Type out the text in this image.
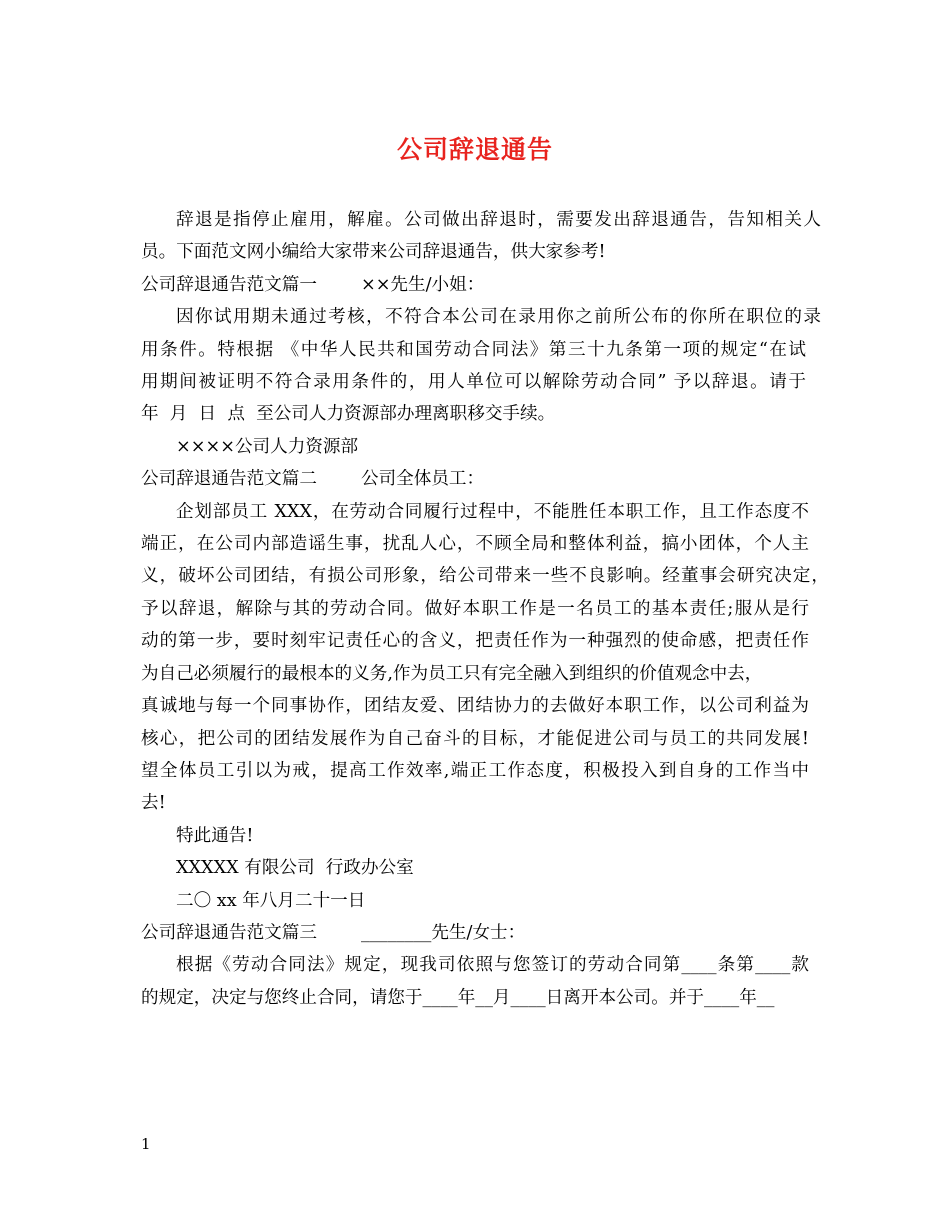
公司辞退通告
辞退是指停止雇用，解雇。公司做出辞退时，需要发出辞退通告，告知相关人
员。下面范文网小编给大家带来公司辞退通告，供大家参考!
公司辞退通告范文篇一	××先生/小姐：
因你试用期未通过考核，不符合本公司在录用你之前所公布的你所在职位的录
用条件。特根据 《中华人民共和国劳动合同法》第三十九条第一项的规定“在试
用期间被证明不符合录用条件的，用人单位可以解除劳动合同” 予以辞退。请于
年  月  日  点  至公司人力资源部办理离职移交手续。
××××公司人力资源部
公司辞退通告范文篇二	公司全体员工：
企划部员工 XXX，在劳动合同履行过程中，不能胜任本职工作，且工作态度不
端正，在公司内部造谣生事，扰乱人心，不顾全局和整体利益，搞小团体，个人主
义，破坏公司团结，有损公司形象，给公司带来一些不良影响。经董事会研究决定，
予以辞退，解除与其的劳动合同。做好本职工作是一名员工的基本责任;服从是行
动的第一步，要时刻牢记责任心的含义，把责任作为一种强烈的使命感，把责任作
为自己必须履行的最根本的义务,作为员工只有完全融入到组织的价值观念中去，
真诚地与每一个同事协作，团结友爱、团结协力的去做好本职工作，以公司利益为
核心，把公司的团结发展作为自己奋斗的目标，才能促进公司与员工的共同发展!
望全体员工引以为戒，提高工作效率,端正工作态度，积极投入到自身的工作当中
去!
特此通告!
XXXXX 有限公司  行政办公室
二〇 xx 年八月二十一日
公司辞退通告范文篇三	________先生/女士：
根据《劳动合同法》规定，现我司依照与您签订的劳动合同第____条第____款
的规定，决定与您终止合同，请您于____年__月____日离开本公司。并于____年__
1
